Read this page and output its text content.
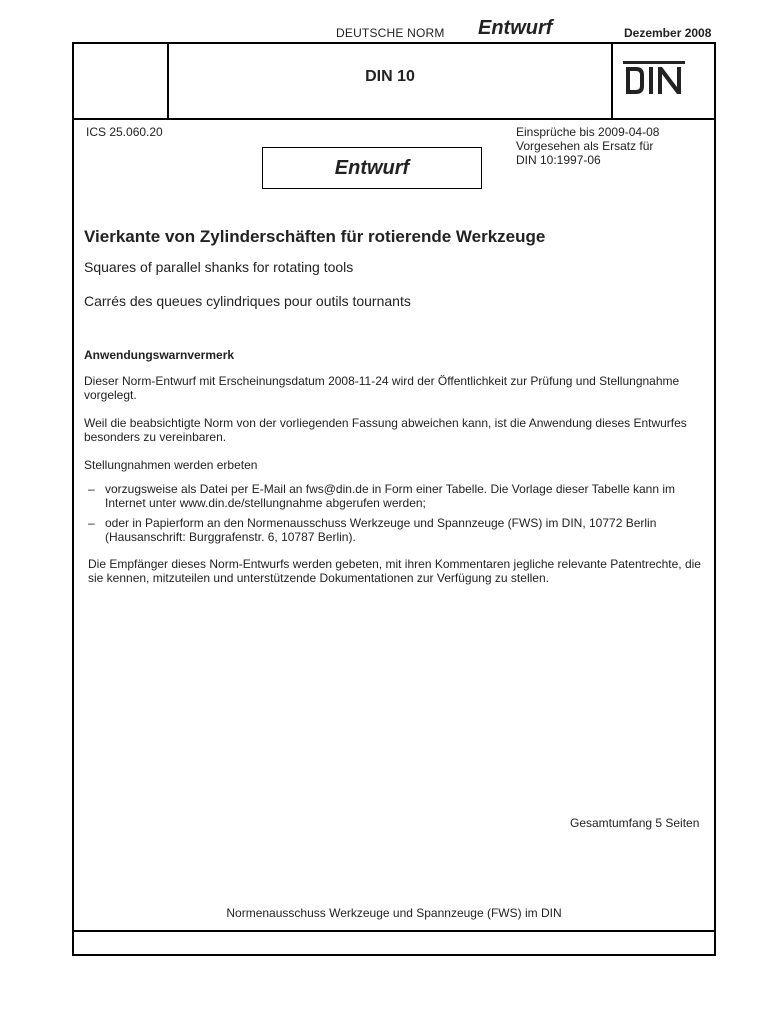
DEUTSCHE NORM Entwurf	Dezember 2008
DIN 10
ICS 25.060.20	Einsprüche bis 2009-04-08
Vorgesehen als Ersatz für
DIN 10:1997-06
Entwurf
Vierkante von Zylinderschäften für rotierende Werkzeuge
Squares of parallel shanks for rotating tools
Carrés des queues cylindriques pour outils tournants
Anwendungswarnvermerk
Dieser Norm-Entwurf mit Erscheinungsdatum 2008-11-24 wird der Öffentlichkeit zur Prüfung und Stellungnahme vorgelegt.
Weil die beabsichtigte Norm von der vorliegenden Fassung abweichen kann, ist die Anwendung dieses Entwurfes besonders zu vereinbaren.
Stellungnahmen werden erbeten
– vorzugsweise als Datei per E-Mail an fws@din.de in Form einer Tabelle. Die Vorlage dieser Tabelle kann im Internet unter www.din.de/stellungnahme abgerufen werden;
– oder in Papierform an den Normenausschuss Werkzeuge und Spannzeuge (FWS) im DIN, 10772 Berlin (Hausanschrift: Burggrafenstr. 6, 10787 Berlin).
Die Empfänger dieses Norm-Entwurfs werden gebeten, mit ihren Kommentaren jegliche relevante Patentrechte, die sie kennen, mitzuteilen und unterstützende Dokumentationen zur Verfügung zu stellen.
Gesamtumfang 5 Seiten
Normenausschuss Werkzeuge und Spannzeuge (FWS) im DIN
